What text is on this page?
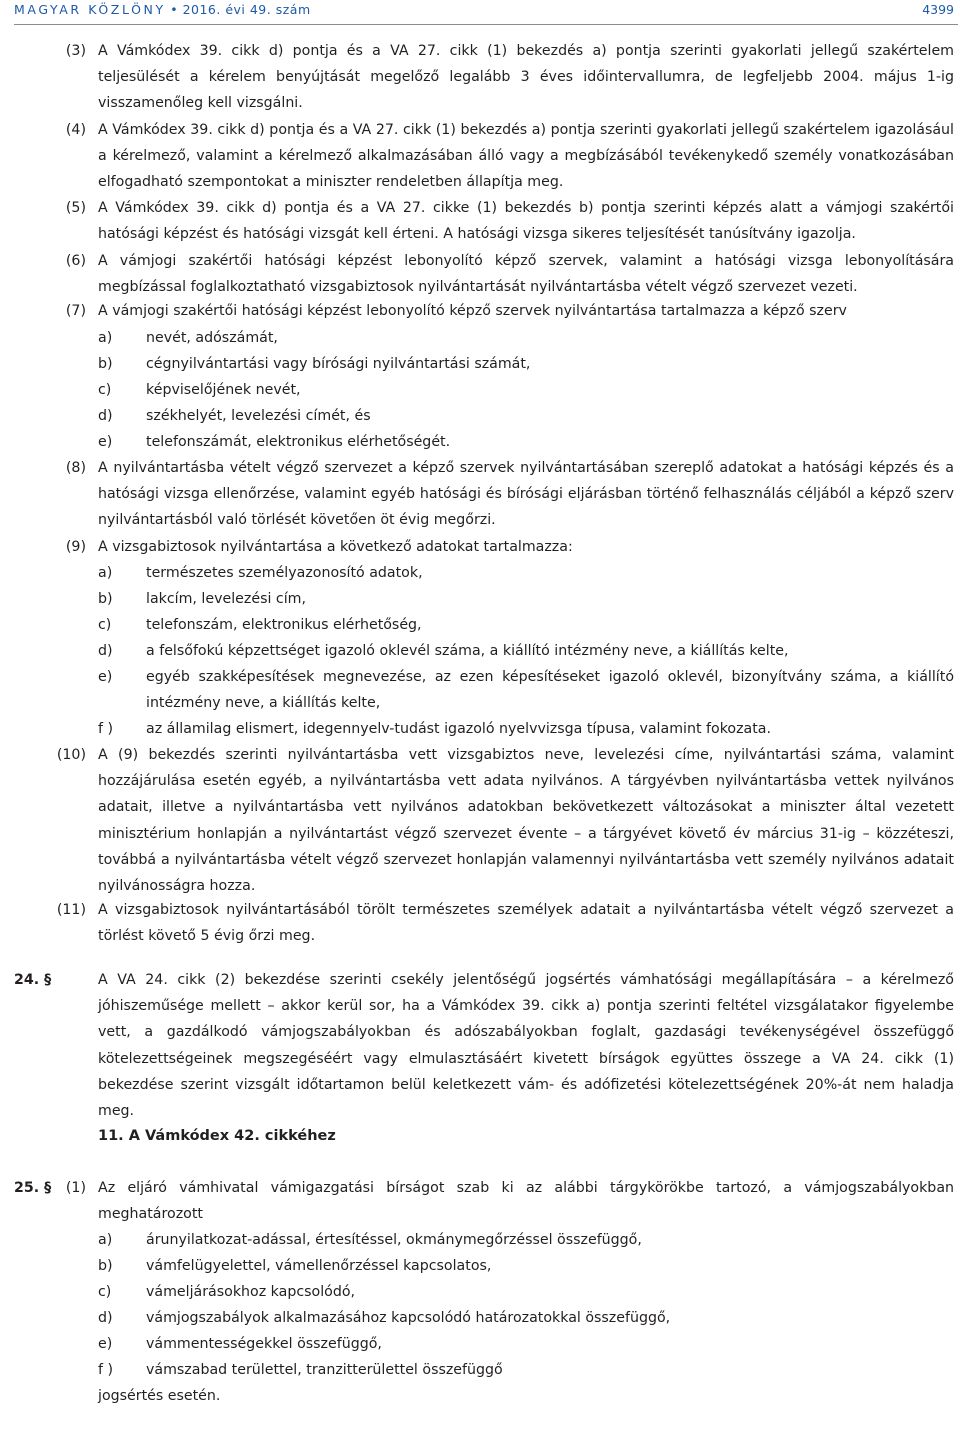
MAGYAR KÖZLÖNY • 2016. évi 49. szám	4399
(3) A Vámkódex 39. cikk d) pontja és a VA 27. cikk (1) bekezdés a) pontja szerinti gyakorlati jellegű szakértelem teljesülését a kérelem benyújtását megelőző legalább 3 éves időintervallumra, de legfeljebb 2004. május 1-ig visszamenőleg kell vizsgálni.

(4) A Vámkódex 39. cikk d) pontja és a VA 27. cikk (1) bekezdés a) pontja szerinti gyakorlati jellegű szakértelem igazolásául a kérelmező, valamint a kérelmező alkalmazásában álló vagy a megbízásából tevékenykedő személy vonatkozásában elfogadható szempontokat a miniszter rendeletben állapítja meg.

(5) A Vámkódex 39. cikk d) pontja és a VA 27. cikke (1) bekezdés b) pontja szerinti képzés alatt a vámjogi szakértői hatósági képzést és hatósági vizsgát kell érteni. A hatósági vizsga sikeres teljesítését tanúsítvány igazolja.

(6) A vámjogi szakértői hatósági képzést lebonyolító képző szervek, valamint a hatósági vizsga lebonyolítására megbízással foglalkoztatható vizsgabiztosok nyilvántartását nyilvántartásba vételt végző szervezet vezeti.

(7) A vámjogi szakértői hatósági képzést lebonyolító képző szervek nyilvántartása tartalmazza a képző szerv

a) nevét, adószámát,
b) cégnyilvántartási vagy bírósági nyilvántartási számát,
c) képviselőjének nevét,
d) székhelyét, levelezési címét, és
e) telefonszámát, elektronikus elérhetőségét.
(8) A nyilvántartásba vételt végző szervezet a képző szervek nyilvántartásában szereplő adatokat a hatósági képzés és a hatósági vizsga ellenőrzése, valamint egyéb hatósági és bírósági eljárásban történő felhasználás céljából a képző szerv nyilvántartásból való törlését követően öt évig megőrzi.

(9) A vizsgabiztosok nyilvántartása a következő adatokat tartalmazza:

a) természetes személyazonosító adatok,
b) lakcím, levelezési cím,
c) telefonszám, elektronikus elérhetőség,
d) a felsőfokú képzettséget igazoló oklevél száma, a kiállító intézmény neve, a kiállítás kelte,
e) egyéb szakképesítések megnevezése, az ezen képesítéseket igazoló oklevél, bizonyítvány száma, a kiállító intézmény neve, a kiállítás kelte,
f ) az államilag elismert, idegennyelv-tudást igazoló nyelvvizsga típusa, valamint fokozata.
(10) A (9) bekezdés szerinti nyilvántartásba vett vizsgabiztos neve, levelezési címe, nyilvántartási száma, valamint hozzájárulása esetén egyéb, a nyilvántartásba vett adata nyilvános. A tárgyévben nyilvántartásba vettek nyilvános adatait, illetve a nyilvántartásba vett nyilvános adatokban bekövetkezett változásokat a miniszter által vezetett minisztérium honlapján a nyilvántartást végző szervezet évente – a tárgyévet követő év március 31-ig – közzéteszi, továbbá a nyilvántartásba vételt végző szervezet honlapján valamennyi nyilvántartásba vett személy nyilvános adatait nyilvánosságra hozza.

(11) A vizsgabiztosok nyilvántartásából törölt természetes személyek adatait a nyilvántartásba vételt végző szervezet a törlést követő 5 évig őrzi meg.

24. §	A VA 24. cikk (2) bekezdése szerinti csekély jelentőségű jogsértés vámhatósági megállapítására – a kérelmező jóhiszeműsége mellett – akkor kerül sor, ha a Vámkódex 39. cikk a) pontja szerinti feltétel vizsgálatakor figyelembe vett, a gazdálkodó vámjogszabályokban és adószabályokban foglalt, gazdasági tevékenységével összefüggő kötelezettségeinek megszegéséért vagy elmulasztásáért kivetett bírságok együttes összege a VA 24. cikk (1) bekezdése szerint vizsgált időtartamon belül keletkezett vám- és adófizetési kötelezettségének 20%-át nem haladja meg.

11. A Vámkódex 42. cikkéhez
25. §	(1) Az eljáró vámhivatal vámigazgatási bírságot szab ki az alábbi tárgykörökbe tartozó, a vámjogszabályokban meghatározott

a) árunyilatkozat-adással, értesítéssel, okmánymegőrzéssel összefüggő,
b) vámfelügyelettel, vámellenőrzéssel kapcsolatos,
c) vámeljárásokhoz kapcsolódó,
d) vámjogszabályok alkalmazásához kapcsolódó határozatokkal összefüggő,
e) vámmentességekkel összefüggő,
f ) vámszabad területtel, tranzitterülettel összefüggő

jogsértés esetén.
